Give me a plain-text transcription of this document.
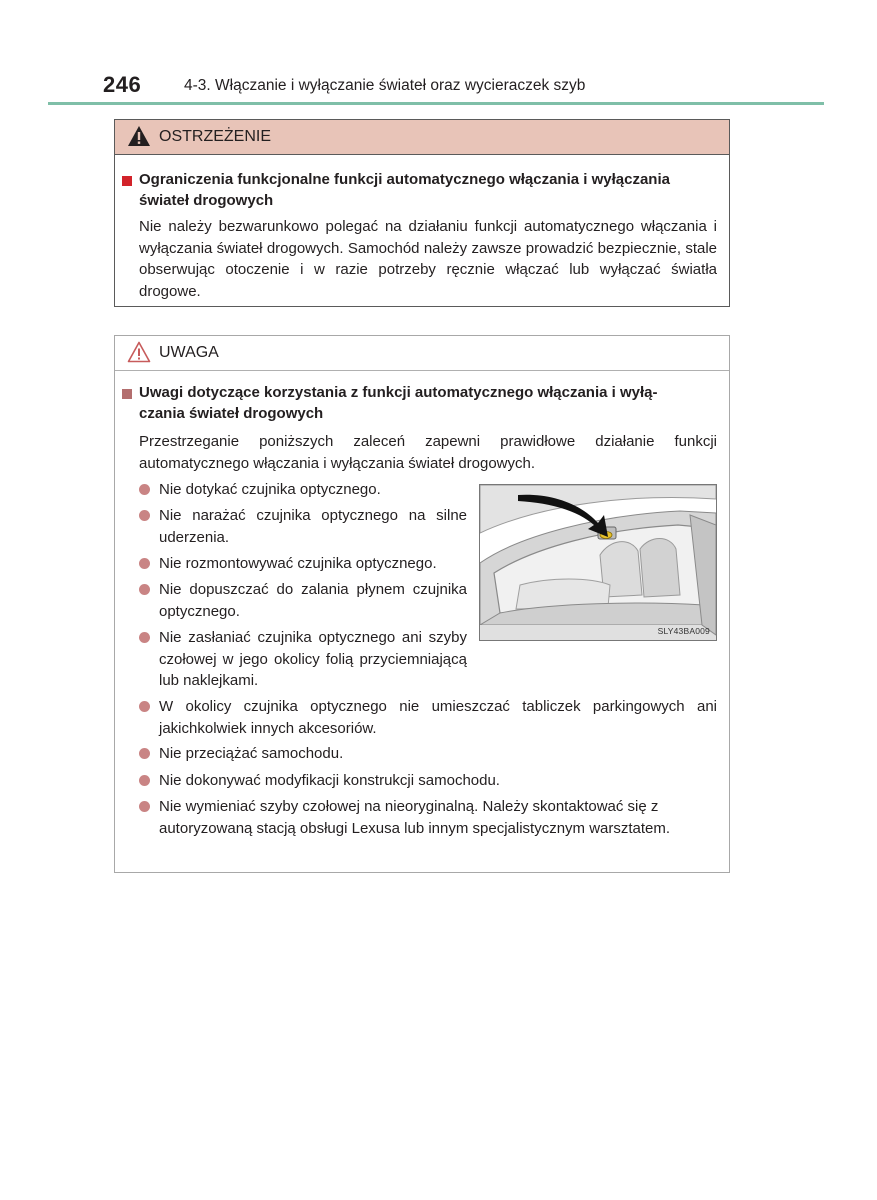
246	4-3. Włączanie i wyłączanie świateł oraz wycieraczek szyb
OSTRZEŻENIE
Ograniczenia funkcjonalne funkcji automatycznego włączania i wyłączania
świateł drogowych
Nie należy bezwarunkowo polegać na działaniu funkcji automatycznego włączania i wyłączania świateł drogowych. Samochód należy zawsze prowadzić bezpiecznie, stale obserwując otoczenie i w razie potrzeby ręcznie włączać lub wyłączać światła drogowe.
UWAGA
Uwagi dotyczące korzystania z funkcji automatycznego włączania i wyłą-
czania świateł drogowych
Przestrzeganie poniższych zaleceń zapewni prawidłowe działanie funkcji automatycznego włączania i wyłączania świateł drogowych.
Nie dotykać czujnika optycznego.
Nie narażać czujnika optycznego na silne uderzenia.
Nie rozmontowywać czujnika optycznego.
Nie dopuszczać do zalania płynem czujnika optycznego.
Nie zasłaniać czujnika optycznego ani szyby czołowej w jego okolicy folią przyciemniającą lub naklejkami.
W okolicy czujnika optycznego nie umieszczać tabliczek parkingowych ani jakichkolwiek innych akcesoriów.
Nie przeciążać samochodu.
Nie dokonywać modyfikacji konstrukcji samochodu.
Nie wymieniać szyby czołowej na nieoryginalną. Należy skontaktować się z autoryzowaną stacją obsługi Lexusa lub innym specjalistycznym warsztatem.
SLY43BA009
